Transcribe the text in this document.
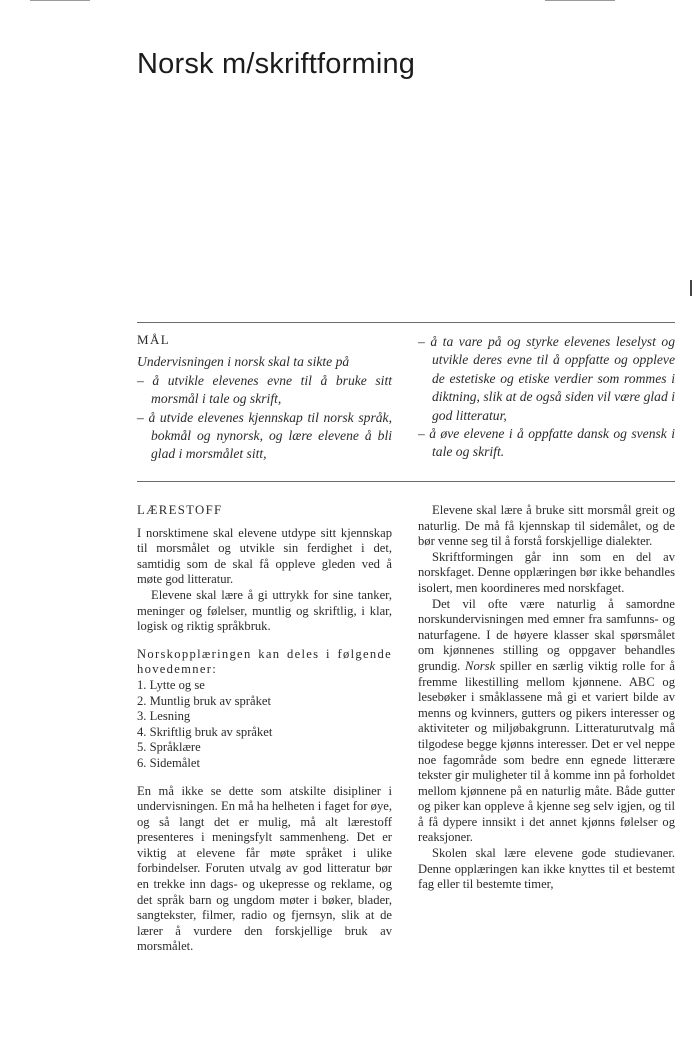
Norsk m/skriftforming
MÅL

Undervisningen i norsk skal ta sikte på

– å utvikle elevenes evne til å bruke sitt morsmål i tale og skrift,

– å utvide elevenes kjennskap til norsk språk, bokmål og nynorsk, og lære elevene å bli glad i morsmålet sitt,

– å ta vare på og styrke elevenes leselyst og utvikle deres evne til å oppfatte og oppleve de estetiske og etiske verdier som rommes i diktning, slik at de også siden vil være glad i god litteratur,

– å øve elevene i å oppfatte dansk og svensk i tale og skrift.

LÆRESTOFF

I norsktimene skal elevene utdype sitt kjennskap til morsmålet og utvikle sin ferdighet i det, samtidig som de skal få oppleve gleden ved å møte god litteratur.

Elevene skal lære å gi uttrykk for sine tanker, meninger og følelser, muntlig og skriftlig, i klar, logisk og riktig språkbruk.

Norskopplæringen kan deles i følgende hovedemner:

1. Lytte og se
2. Muntlig bruk av språket
3. Lesning
4. Skriftlig bruk av språket
5. Språklære
6. Sidemålet

En må ikke se dette som atskilte disipliner i undervisningen. En må ha helheten i faget for øye, og så langt det er mulig, må alt lærestoff presenteres i meningsfylt sammenheng. Det er viktig at elevene får møte språket i ulike forbindelser. Foruten utvalg av god litteratur bør en trekke inn dags- og ukepresse og reklame, og det språk barn og ungdom møter i bøker, blader, sangtekster, filmer, radio og fjernsyn, slik at de lærer å vurdere den forskjellige bruk av morsmålet.

Elevene skal lære å bruke sitt morsmål greit og naturlig. De må få kjennskap til sidemålet, og de bør venne seg til å forstå forskjellige dialekter.

Skriftformingen går inn som en del av norskfaget. Denne opplæringen bør ikke behandles isolert, men koordineres med norskfaget.

Det vil ofte være naturlig å samordne norskundervisningen med emner fra samfunns- og naturfagene. I de høyere klasser skal spørsmålet om kjønnenes stilling og oppgaver behandles grundig. Norsk spiller en særlig viktig rolle for å fremme likestilling mellom kjønnene. ABC og lesebøker i småklassene må gi et variert bilde av menns og kvinners, gutters og pikers interesser og aktiviteter og miljøbakgrunn. Litteraturutvalg må tilgodese begge kjønns interesser. Det er vel neppe noe fagområde som bedre enn egnede litterære tekster gir muligheter til å komme inn på forholdet mellom kjønnene på en naturlig måte. Både gutter og piker kan oppleve å kjenne seg selv igjen, og til å få dypere innsikt i det annet kjønns følelser og reaksjoner.

Skolen skal lære elevene gode studievaner. Denne opplæringen kan ikke knyttes til et bestemt fag eller til bestemte timer,
